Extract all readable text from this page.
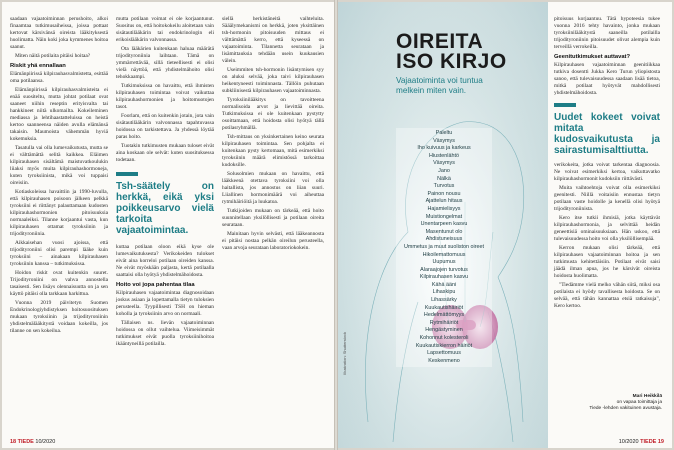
saadaan vajaatoiminnan perushoito, alkoi finaamtaa tutkimusaiheissa, joissa pottaat kertovat kärsivänsä oireista lääkityksestä huolimatta. Näin koki joka kymmenes hoitoa saanut.

Miten näitä potilaita pitäisi hoitaa?

Riskit yhä ennallaan

Elämänpiirissä kilpirauhasvalmistetta, esittää oma potilaansa.

Elämänpiirissä kilpirauhasvalmisteita ei enää suositeltu, mutta johtat potilaat ovat saaneet niihin reseptin erityisvalta tai hankkineet niitä ulkomailta. Kokeileminen mediassa ja lehtihaastatteluissa on heistä kertoo saanneensa näiden avulla elämänsä takaisin. Maumoista vähemmän hyviä kokemuksia.

Tasatulla vai olla lumevaikutusta, mutta se ei välttämättä selitä kaikkea. Eläimen kilpirauhasen sisältämä maistuvatkoulukin liiaksi myös muita kilpirauhashormoneja, kuten tyroksiinista, mikä voi tuppaisi oireisiin.

Kotiaskoleissa havaittiin ja 1990-luvulla, että kilpirauhasen poisoon jälkeen pelkkä tyroksiini ei riittänyt palauttamaan kudosten kilpirauhashormonien pitoisuuksia normaaleiksi. Tilanne korjaantui vasta, kun kilpirauhasen ottamat tyroksiinin ja trijodityroniinia.

Aikkaisehan vuosi ajoissa, että trijodityroniini olisi parempi lääke kuin tyroksiini – ainakaan kilpirauhasen tyroksiinin kanssa – tutkimuksissa.

Hoidon riskit ovat kuitenkin suuret. Trijodityroniini on vahva annostella tasaisesti. Sen lisäys olennaisuutta on ja sen käyttö pitäisi olla tarkkaan harkittua.

Vuonna 2019 päivitetyn Suomen Endokrinologiyhdistyksen hoitosuosituksen mukaan tyroksiinin ja trijodityroniinin yhdistelmälääkitystä voidaan kokeilla, jos tilanne on sen kokeilua.

mutta potilaan voimat ei ole korjaantunut. Suositus on, että hoitokokeilu aloitetaan vain sisätautilääkärin tai endokrinologin eli erikoislääkärin valvonnassa.

Ota lääkärien kuitenkaan haluaa määrätä trijodityroniinia laihtaan. Tämä on ymmärrettävää, sillä tieteellisesti ei olisi vielä näyttöä, että yhdistelmähoito olisi tehokkaampi.

Tutkimuksissa on havaittu, että ihmisten kilpirauhasen toimintaa voivat vaikuttaa kilpirauhashormonien ja hoitomuotojen tasot.

Foorlam, että on kuitenkin jotain, jota vain sisätautilääkärin valvonnassa tapahtuvassa hoidossa on tarkistettava. Ja yhdessä löytää paras hoito.

Tuotakin tutkimusten mukaan tuloset eivät aina koskaan ole selvät: kuten suosituksessa todetaan.

Tsh-säätely on herkkä, eikä yksi poikkeusarvo vielä tarkoita vajaatoimintaa.

kuttaa potilaan oloon eikä kyse ole lumevaikutuksesta? Verikokeiden tulokset eivät aina korreloi potilaan oireiden kanssa. Ne eivät myöskään paljasta, kertä potilaalla saattaisi olla hyötyä yhdistelmähoidosta.

Hoito voi jopa pahentaa tilaa

Kilpirauhasen vajaatoimintaa diagnosoidaan joskus asiaan ja lopettamalla tietyn tuloksien perusteella. Tyypillisesti TSH on hieman koholla ja tyroksiinin arvo on normaali.

Tällaisen ns. lievän vajaatoiminnan hoidossa on ollut vaihtelua. Viimeisimmät tutkimukset eivät puolla tyroksiinihoitoa ikääntyneillä potilailla.

siellä herkistäneitä vaihteluita. Sääälymekanismi on herkkä, joten yksittäinen tsh-hormonin pitoisuuden mittaus ei välttämättä kerro, että kyseessä on vajaatoiminta. Tilannetta seurataan ja lisämittauksia tehdään usein kuukausien välein.

Useimmiten tsh-hormonin lisäntymisen syy on aluksi selvää, joka taivi kilpirauhasen heikentyneesti toiminnasta. Tällöin puhutaan subkliinisestä kilpirauhasen vajaatoiminnasta.

Tyroksiinilääkitys on tavoitteena normalisoida arvot ja lievittää oireita. Tutkimuksissa ei ole kuitenkaan pystytty osoittamaan, että hoidosta olisi hyötyä tällä potilasryhmällä.

Tsh-mittaus on yksinkertainen keino seurata kilpirauhasen toimintaa. Sen pohjalta ei kuitenkaan pysty kertomaan, mitä esimerkiksi tyroksiinin määrä elimistössä tarkoittaa kudoksille.

Solusolmien mukaan on havaittu, että lääkkeenä otettava tyroksiini voi olla haitallista, jos annostus on liian suuri. Liiallinen hormonimäärä voi aiheuttaa rytmihäiriöitä ja luukatoa.

Tutkijoiden mukaan on tärkeää, että hoito suunnitellaan yksilöllisesti ja potilaan oireita seurataan.

Mainitaan hyvin selvästi, että lääkeannosta ei pitäisi nostaa pelkän oireilun perusteella, vaan arvoja seurataan laboratoriokokein.

18 TIEDE 10/2020
Illustration: Shutterstock
OIREITA
ISO KIRJO
Vajaatoiminta voi tuntua melkein miten vain.
Paleltu
Väsymys
Iho kuivuus ja karkeus
Hiustenlähtö
Väsymys
Jano
Nälkä
Turvotus
Painon nousu
Ajattelun hitaus
Hajamielisyys
Muistiongelmat
Unentarpeen kasvu
Masentunut olo
Ahdistuneisuus
Ummetus ja muut suoliston oireet
Hikoilemattomuus
Uupumus
Alaraajojen turvotus
Kilpirauhasen kasvu
Kähä ääni
Lihaskipu
Lihassärky
Kuukautishäiriöt
Hedelmättömyys
Rytmihäiriöt
Hengästyminen
Kohonnut kolesteroli
Kuukautiskierron häiriöt
Lapsettomuus
Keskenmeno

pitoisuus korjaantuu. Tätä hypoteesia tukee vuonna 2016 tehty havainto, jonka mukaan tyroksiinilääkitystä saaneilla potilailla trijodityroniinin pitoisuudet olivat alempia kuin terveillä verrokeilla.

Geenitutkimukset auttavat?

Kilpirauhasen vajaatoiminnan geenitiikkaa tutkiva dosentti Jukka Kero Turun yliopistosta sanoo, että tulevaisuudessa saadaan lisää tietoa, mitkä potilaat hyötyvät mahdollisesti yhdistelmähoidosta.

Uudet kokeet voivat mitata kudosvaikutusta ja sairastumisalttiutta.

verikokeita, jotka voivat tarkentaa diagnoosia. Ne voivat esimerkiksi kertoa, vaikuttavatko kilpirauhashormonit kudoksiin riittävästi.

Muita vaihtoehtoja voivat olla esimerkiksi geenitesti. Niillä voitaisiin ennustaa tietyn potilaan vaste hoidolle ja kenellä olisi hyötyä trijodityroniinista.

Kero itse tutkii ihmisiä, jotka käyttävät kilpirauhashormonia, ja selvittää heidän geneettisiä ominaisuuksiaan. Hän uskoo, että tulevaisuudessa hoito voi olla yksilöllisempää.

Kerron mukaan olisi tärkeää, että kilpirauhasen vajaatoiminnan hoitoa ja sen tutkimusta kehitettäisiin. Potilaat eivät saisi jäädä ilman apua, jos he kärsivät oireista hoidosta huolimatta.

"Tiedämme vielä melko vähän siitä, miksi osa potilaista ei hyödy tavallisesta hoidosta. Se on selvää, että tähän kannattaa etsiä ratkaisuja", Kero kertoo.

Mari Heikkilä
on vapaa toimittaja ja
Tiede -lehden vakituinen avustaja.
10/2020 TIEDE 19
